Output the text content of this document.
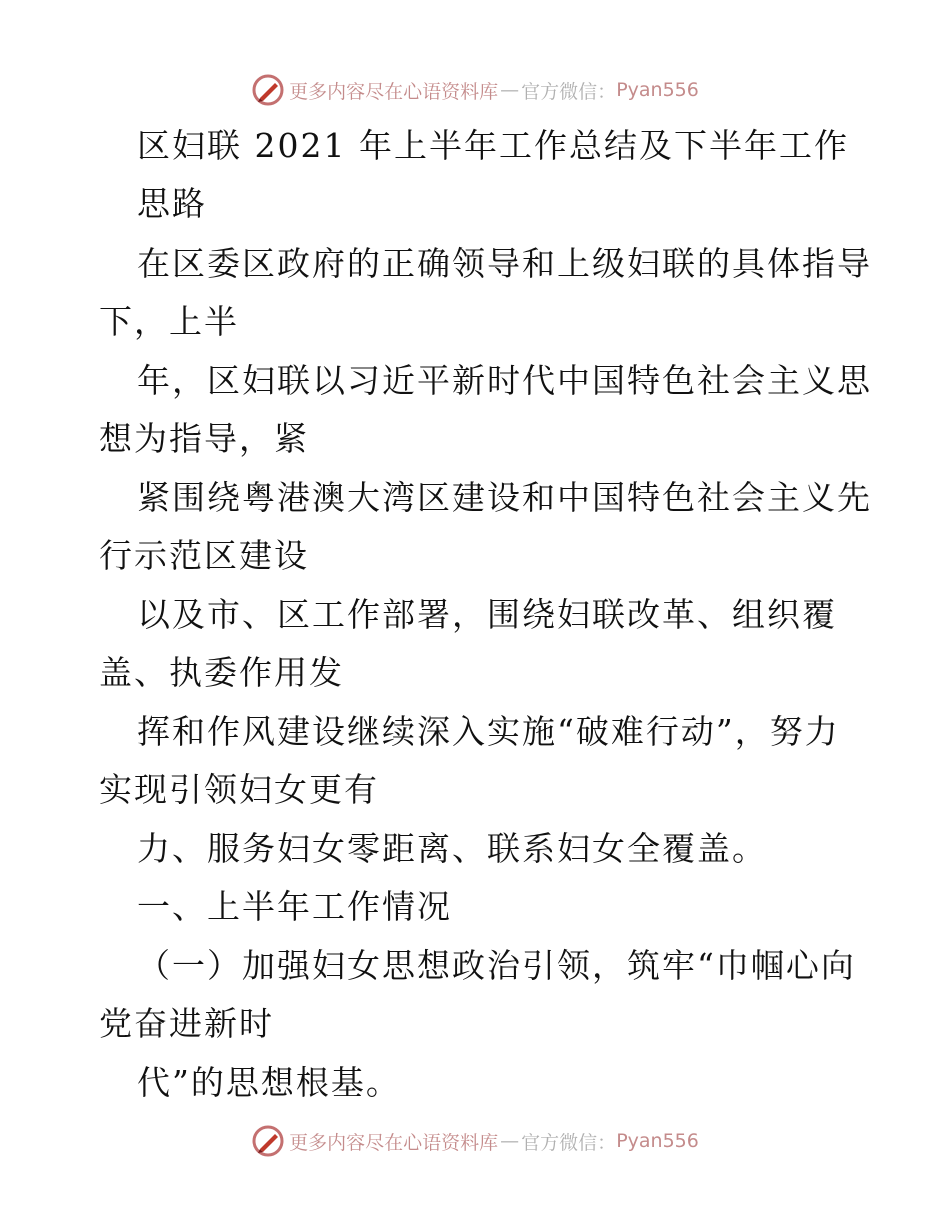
更多内容尽在心语资料库 — 官方微信： Pyan556
区妇联 2021 年上半年工作总结及下半年工作
思路
在区委区政府的正确领导和上级妇联的具体指导
下，上半
年，区妇联以习近平新时代中国特色社会主义思
想为指导，紧
紧围绕粤港澳大湾区建设和中国特色社会主义先
行示范区建设
以及市、区工作部署，围绕妇联改革、组织覆
盖、执委作用发
挥和作风建设继续深入实施“破难行动”，努力
实现引领妇女更有
力、服务妇女零距离、联系妇女全覆盖。
一、上半年工作情况
（一）加强妇女思想政治引领，筑牢“巾帼心向
党奋进新时
代”的思想根基。
更多内容尽在心语资料库 — 官方微信： Pyan556
